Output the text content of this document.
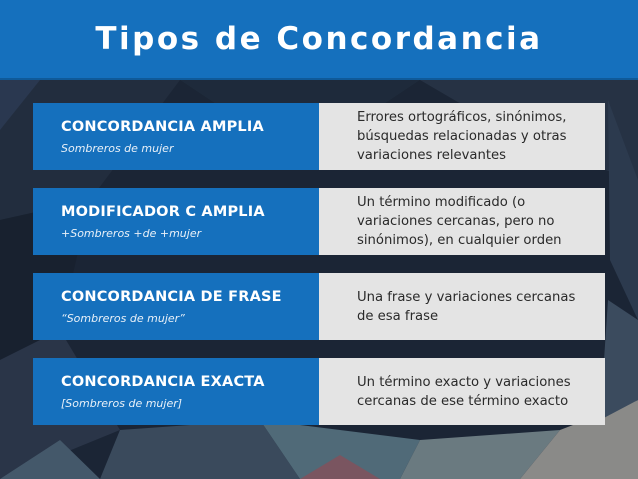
Tipos de Concordancia
CONCORDANCIA AMPLIA
Sombreros de mujer
Errores ortográficos, sinónimos, búsquedas relacionadas y otras variaciones relevantes
MODIFICADOR C AMPLIA
+Sombreros +de +mujer
Un término modificado (o variaciones cercanas, pero no sinónimos), en cualquier orden
CONCORDANCIA DE FRASE
“Sombreros de mujer”
Una frase y variaciones cercanas de esa frase
CONCORDANCIA EXACTA
[Sombreros de mujer]
Un término exacto y variaciones cercanas de ese término exacto
